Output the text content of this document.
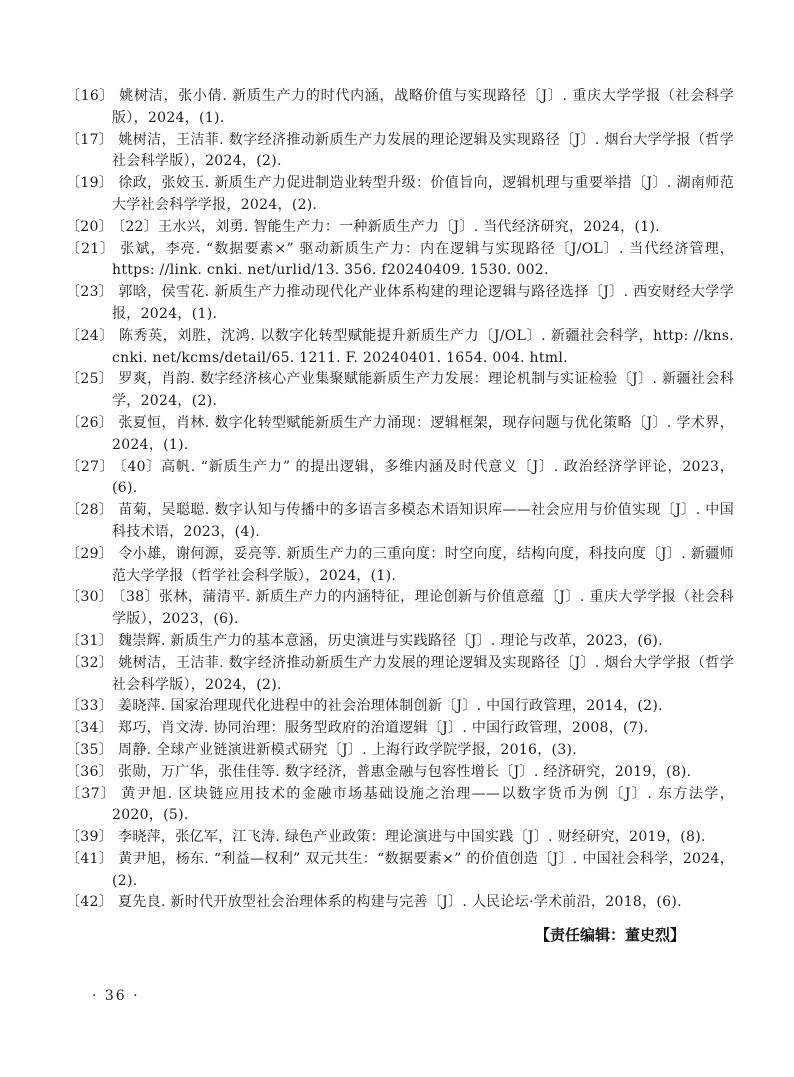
〔16〕 姚树洁，张小倩. 新质生产力的时代内涵，战略价值与实现路径〔J〕. 重庆大学学报（社会科学版），2024，(1).

〔17〕 姚树洁，王洁菲. 数字经济推动新质生产力发展的理论逻辑及实现路径〔J〕. 烟台大学学报（哲学社会科学版），2024，(2).

〔19〕 徐政，张姣玉. 新质生产力促进制造业转型升级：价值旨向，逻辑机理与重要举措〔J〕. 湖南师范大学社会科学学报，2024，(2).

〔20〕 〔22〕王水兴，刘勇. 智能生产力：一种新质生产力〔J〕. 当代经济研究，2024，(1).

〔21〕 张斌，李亮. “数据要素×” 驱动新质生产力：内在逻辑与实现路径〔J/OL〕. 当代经济管理，https: //link. cnki. net/urlid/13. 356. f20240409. 1530. 002.

〔23〕 郭晗，侯雪花. 新质生产力推动现代化产业体系构建的理论逻辑与路径选择〔J〕. 西安财经大学学报，2024，(1).

〔24〕 陈秀英，刘胜，沈鸿. 以数字化转型赋能提升新质生产力〔J/OL〕. 新疆社会科学，http: //kns. cnki. net/kcms/detail/65. 1211. F. 20240401. 1654. 004. html.

〔25〕 罗爽，肖韵. 数字经济核心产业集聚赋能新质生产力发展：理论机制与实证检验〔J〕. 新疆社会科学，2024，(2).

〔26〕 张夏恒，肖林. 数字化转型赋能新质生产力涌现：逻辑框架，现存问题与优化策略〔J〕. 学术界，2024，(1).

〔27〕 〔40〕高帆. “新质生产力” 的提出逻辑，多维内涵及时代意义〔J〕. 政治经济学评论，2023，(6).

〔28〕 苗菊，吴聪聪. 数字认知与传播中的多语言多模态术语知识库——社会应用与价值实现〔J〕. 中国科技术语，2023，(4).

〔29〕 令小雄，谢何源，妥亮等. 新质生产力的三重向度：时空向度，结构向度，科技向度〔J〕. 新疆师范大学学报（哲学社会科学版），2024，(1).

〔30〕 〔38〕张林，蒲清平. 新质生产力的内涵特征，理论创新与价值意蕴〔J〕. 重庆大学学报（社会科学版），2023，(6).

〔31〕 魏崇辉. 新质生产力的基本意涵，历史演进与实践路径〔J〕. 理论与改革，2023，(6).

〔32〕 姚树洁，王洁菲. 数字经济推动新质生产力发展的理论逻辑及实现路径〔J〕. 烟台大学学报（哲学社会科学版），2024，(2).

〔33〕 姜晓萍. 国家治理现代化进程中的社会治理体制创新〔J〕. 中国行政管理，2014，(2).

〔34〕 郑巧，肖文涛. 协同治理：服务型政府的治道逻辑〔J〕. 中国行政管理，2008，(7).

〔35〕 周静. 全球产业链演进新模式研究〔J〕. 上海行政学院学报，2016，(3).

〔36〕 张勋，万广华，张佳佳等. 数字经济，普惠金融与包容性增长〔J〕. 经济研究，2019，(8).

〔37〕 黄尹旭. 区块链应用技术的金融市场基础设施之治理——以数字货币为例〔J〕. 东方法学，2020，(5).

〔39〕 李晓萍，张亿军，江飞涛. 绿色产业政策：理论演进与中国实践〔J〕. 财经研究，2019，(8).

〔41〕 黄尹旭，杨东. “利益—权利” 双元共生：“数据要素×” 的价值创造〔J〕. 中国社会科学，2024，(2).

〔42〕 夏先良. 新时代开放型社会治理体系的构建与完善〔J〕. 人民论坛·学术前沿，2018，(6).

【责任编辑：董史烈】
· 36 ·
